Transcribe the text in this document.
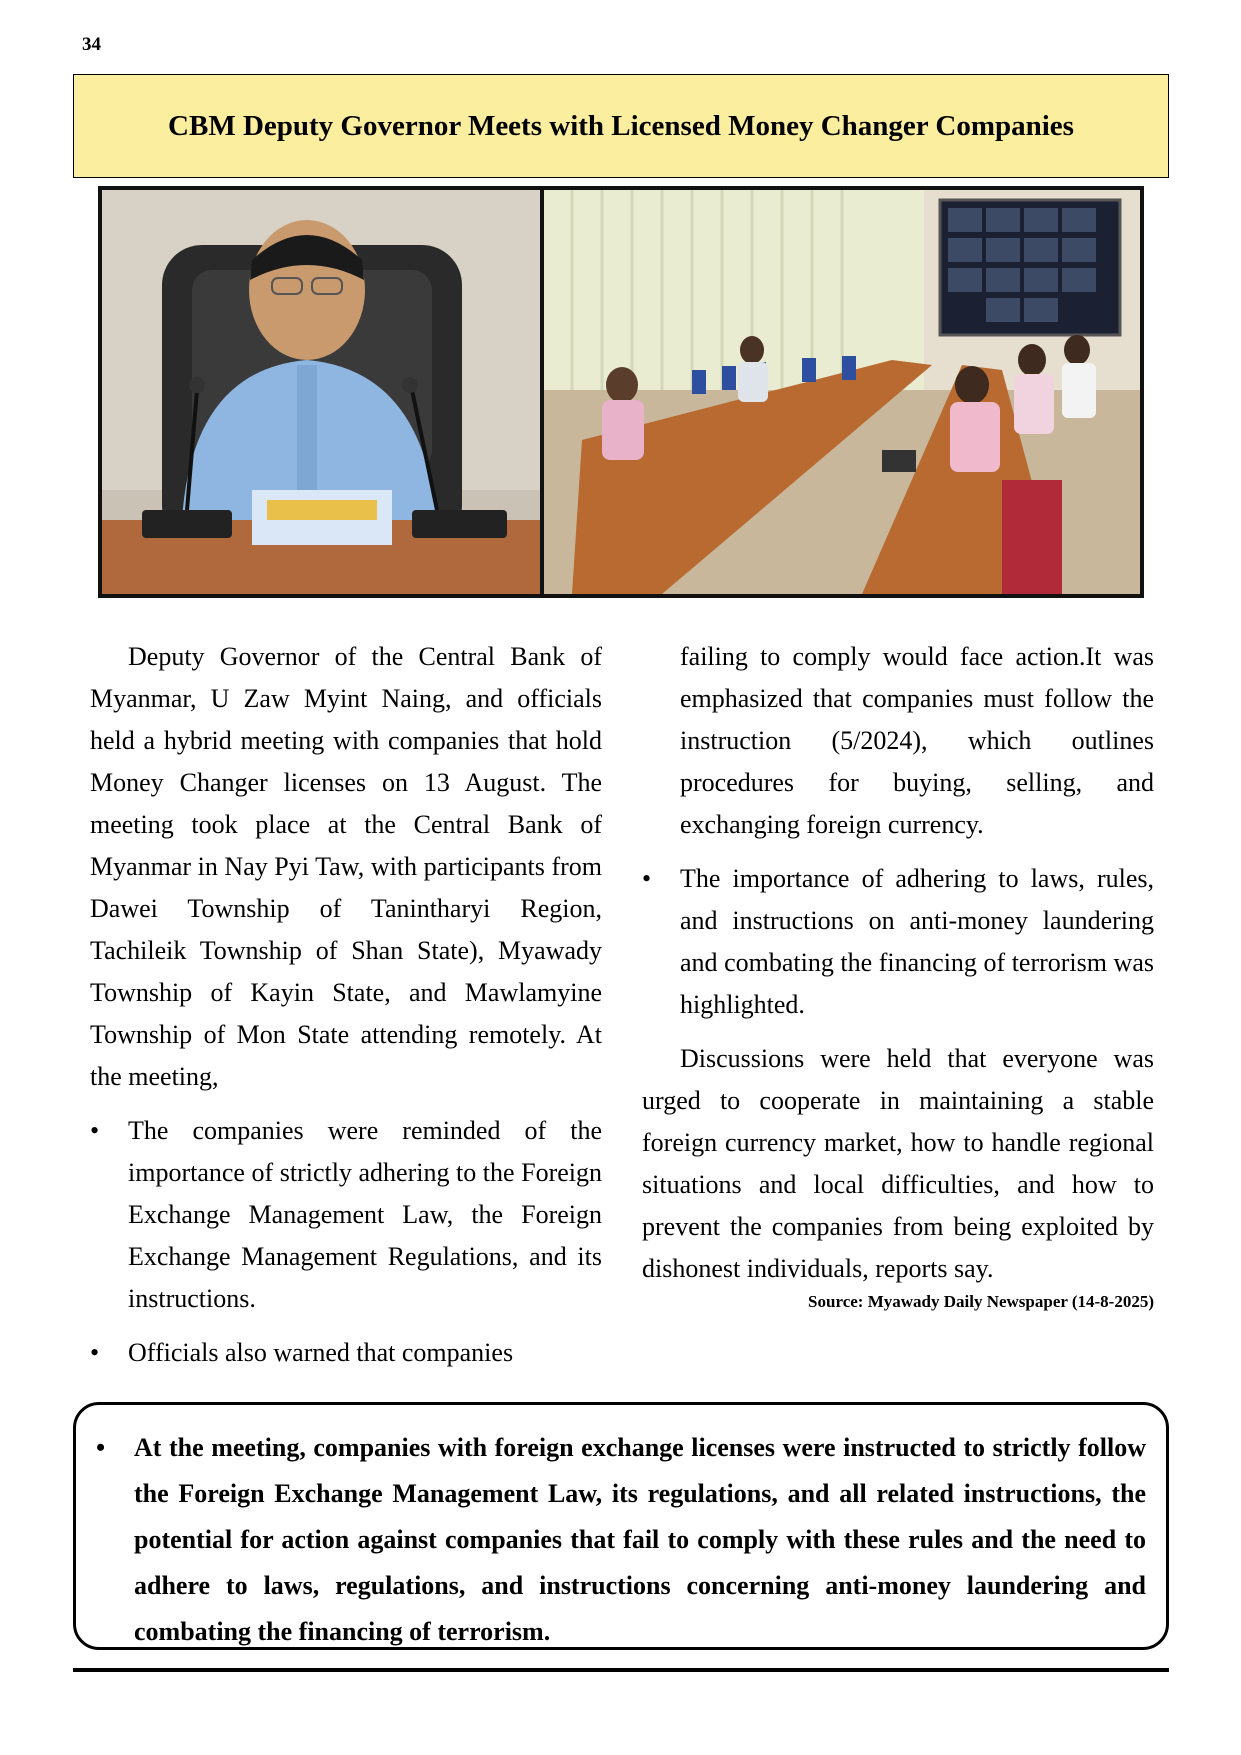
34
CBM Deputy Governor Meets with Licensed Money Changer Companies

Deputy Governor of the Central Bank of Myanmar, U Zaw Myint Naing, and officials held a hybrid meeting with companies that hold Money Changer licenses on 13 August. The meeting took place at the Central Bank of Myanmar in Nay Pyi Taw, with participants from Dawei Township of Tanintharyi Region, Tachileik Township of Shan State), Myawady Township of Kayin State, and Mawlamyine Township of Mon State attending remotely. At the meeting,

• The companies were reminded of the importance of strictly adhering to the Foreign Exchange Management Law, the Foreign Exchange Management Regulations, and its instructions.
• Officials also warned that companies

failing to comply would face action.It was emphasized that companies must follow the instruction (5/2024), which outlines procedures for buying, selling, and exchanging foreign currency.

• The importance of adhering to laws, rules, and instructions on anti-money laundering and combating the financing of terrorism was highlighted.

Discussions were held that everyone was urged to cooperate in maintaining a stable foreign currency market, how to handle regional situations and local difficulties, and how to prevent the companies from being exploited by dishonest individuals, reports say.

Source: Myawady Daily Newspaper (14-8-2025)

• At the meeting, companies with foreign exchange licenses were instructed to strictly follow the Foreign Exchange Management Law, its regulations, and all related instructions, the potential for action against companies that fail to comply with these rules and the need to adhere to laws, regulations, and instructions concerning anti-money laundering and combating the financing of terrorism.
